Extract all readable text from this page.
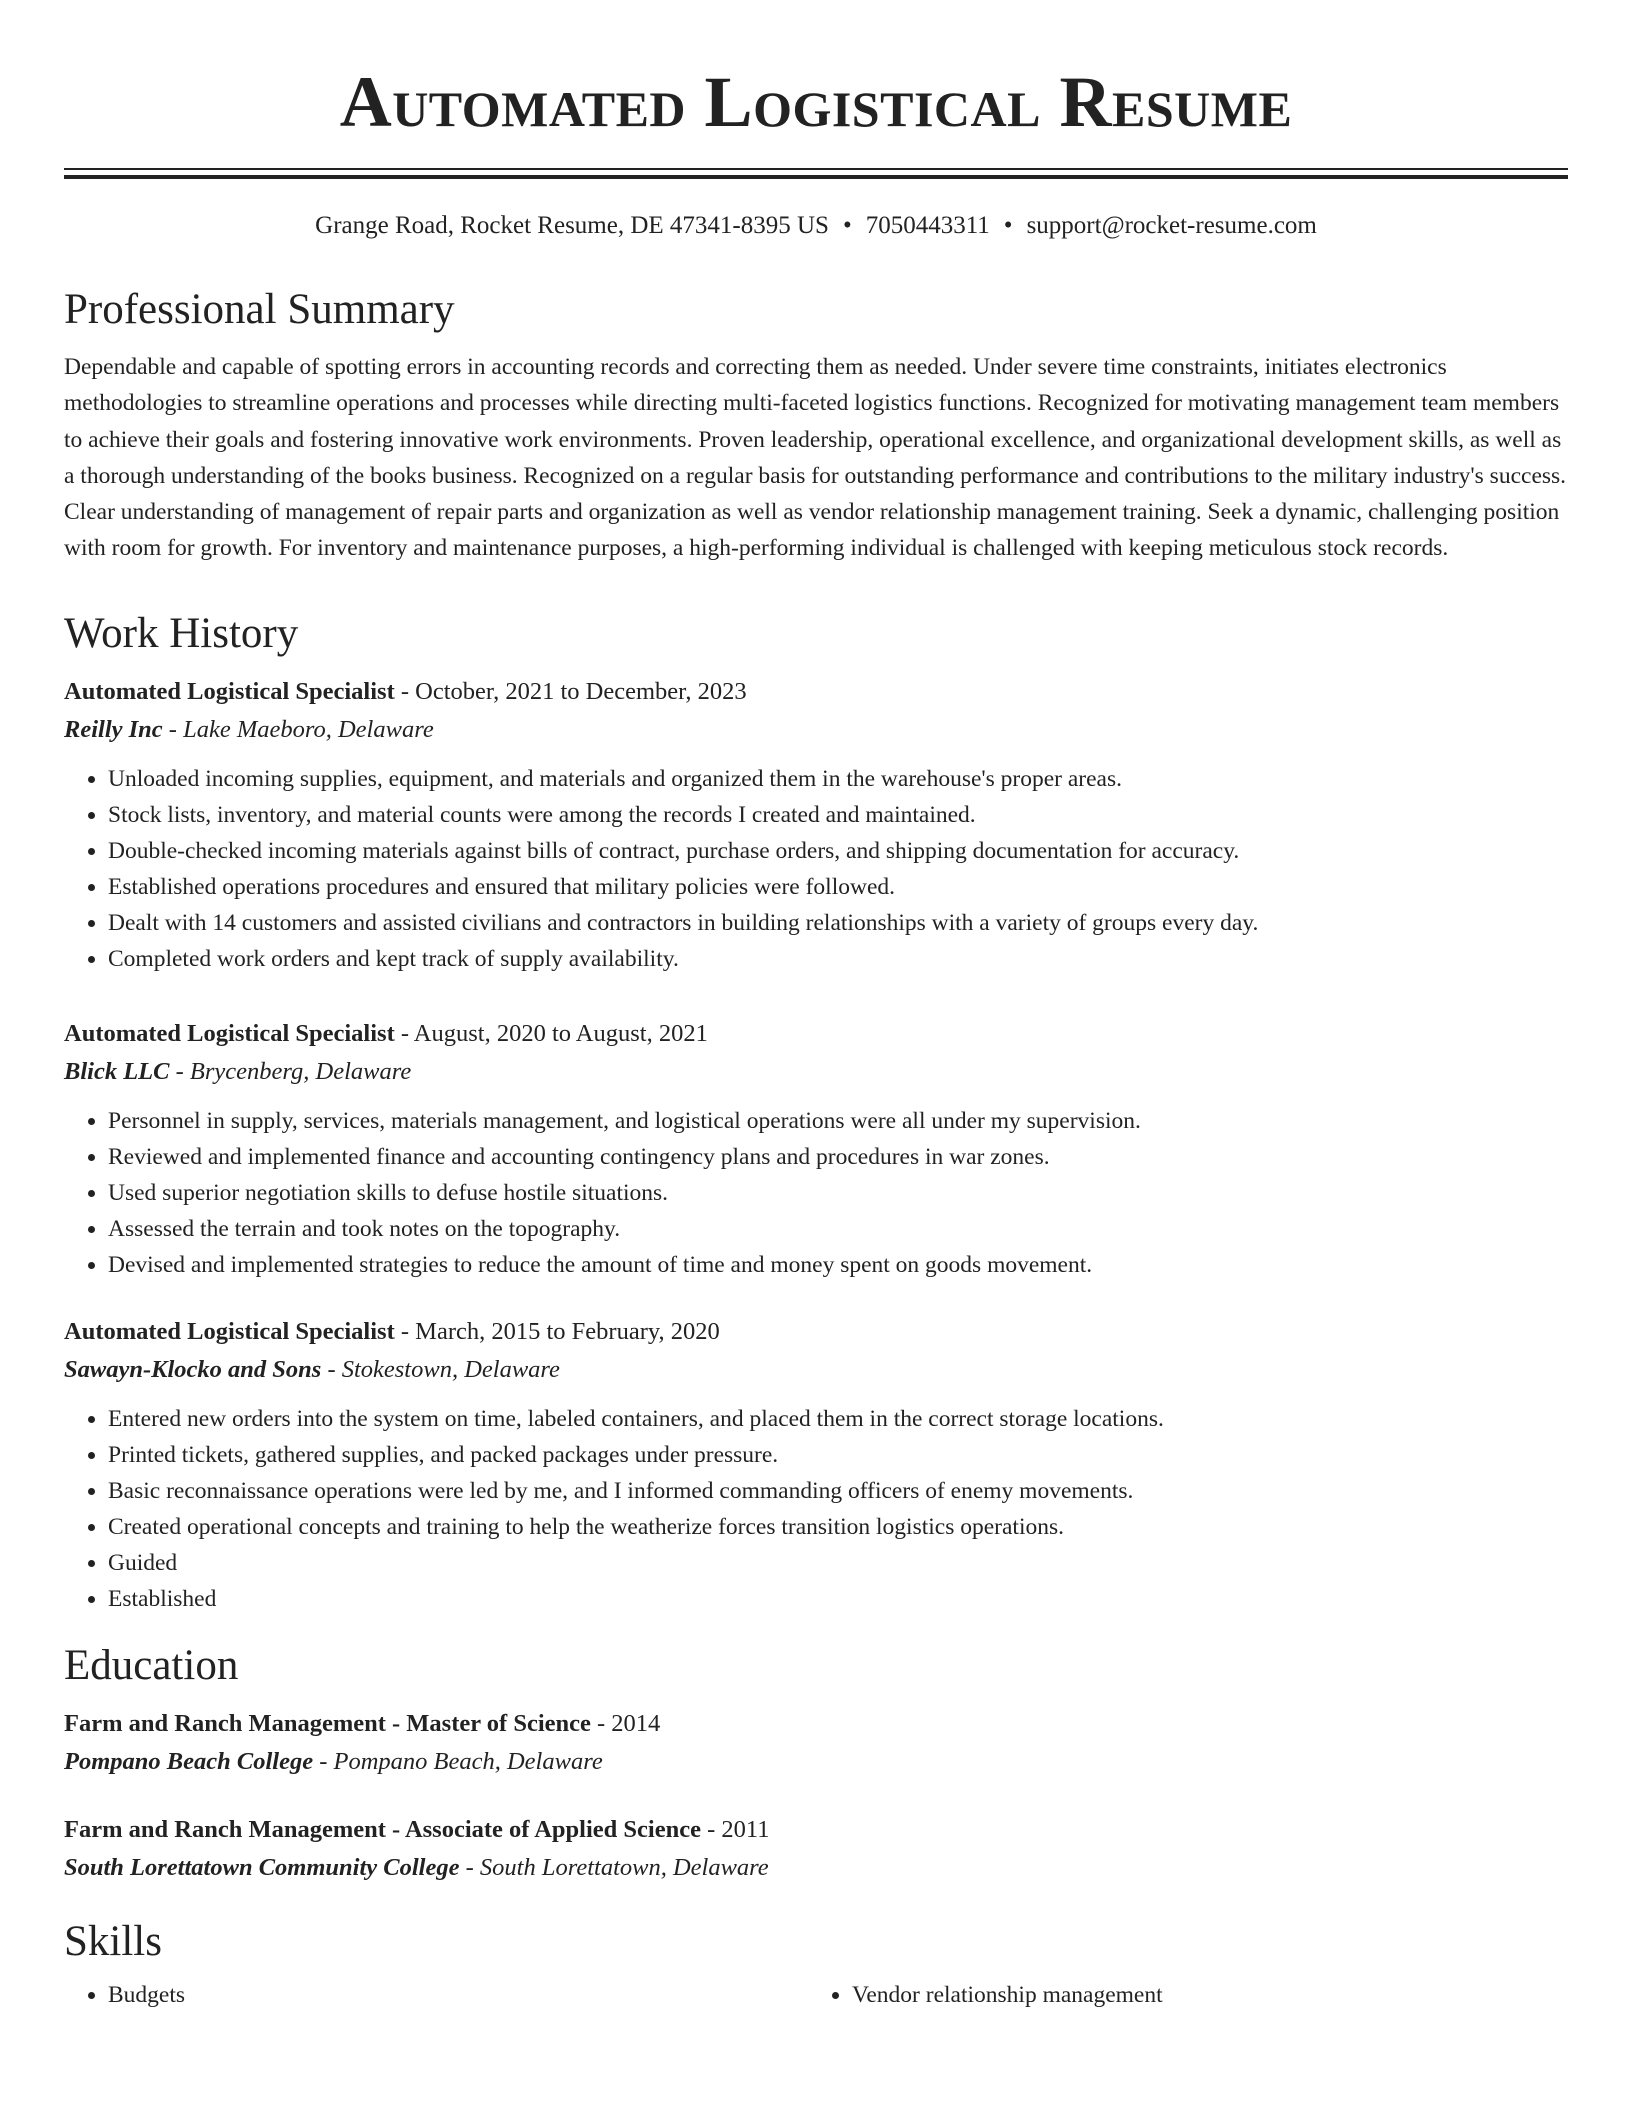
Automated Logistical Resume
Grange Road, Rocket Resume, DE 47341-8395 US • 7050443311 • support@rocket-resume.com
Professional Summary

Dependable and capable of spotting errors in accounting records and correcting them as needed. Under severe time constraints, initiates electronics methodologies to streamline operations and processes while directing multi-faceted logistics functions. Recognized for motivating management team members to achieve their goals and fostering innovative work environments. Proven leadership, operational excellence, and organizational development skills, as well as a thorough understanding of the books business. Recognized on a regular basis for outstanding performance and contributions to the military industry's success. Clear understanding of management of repair parts and organization as well as vendor relationship management training. Seek a dynamic, challenging position with room for growth. For inventory and maintenance purposes, a high-performing individual is challenged with keeping meticulous stock records.

Work History
Automated Logistical Specialist - October, 2021 to December, 2023
Reilly Inc - Lake Maeboro, Delaware
• Unloaded incoming supplies, equipment, and materials and organized them in the warehouse's proper areas.
• Stock lists, inventory, and material counts were among the records I created and maintained.
• Double-checked incoming materials against bills of contract, purchase orders, and shipping documentation for accuracy.
• Established operations procedures and ensured that military policies were followed.
• Dealt with 14 customers and assisted civilians and contractors in building relationships with a variety of groups every day.
• Completed work orders and kept track of supply availability.
Automated Logistical Specialist - August, 2020 to August, 2021
Blick LLC - Brycenberg, Delaware
• Personnel in supply, services, materials management, and logistical operations were all under my supervision.
• Reviewed and implemented finance and accounting contingency plans and procedures in war zones.
• Used superior negotiation skills to defuse hostile situations.
• Assessed the terrain and took notes on the topography.
• Devised and implemented strategies to reduce the amount of time and money spent on goods movement.
Automated Logistical Specialist - March, 2015 to February, 2020
Sawayn-Klocko and Sons - Stokestown, Delaware
• Entered new orders into the system on time, labeled containers, and placed them in the correct storage locations.
• Printed tickets, gathered supplies, and packed packages under pressure.
• Basic reconnaissance operations were led by me, and I informed commanding officers of enemy movements.
• Created operational concepts and training to help the weatherize forces transition logistics operations.
• Guided
• Established
Education
Farm and Ranch Management - Master of Science - 2014
Pompano Beach College - Pompano Beach, Delaware
Farm and Ranch Management - Associate of Applied Science - 2011
South Lorettatown Community College - South Lorettatown, Delaware
Skills
• Budgets
•	Vendor relationship management
